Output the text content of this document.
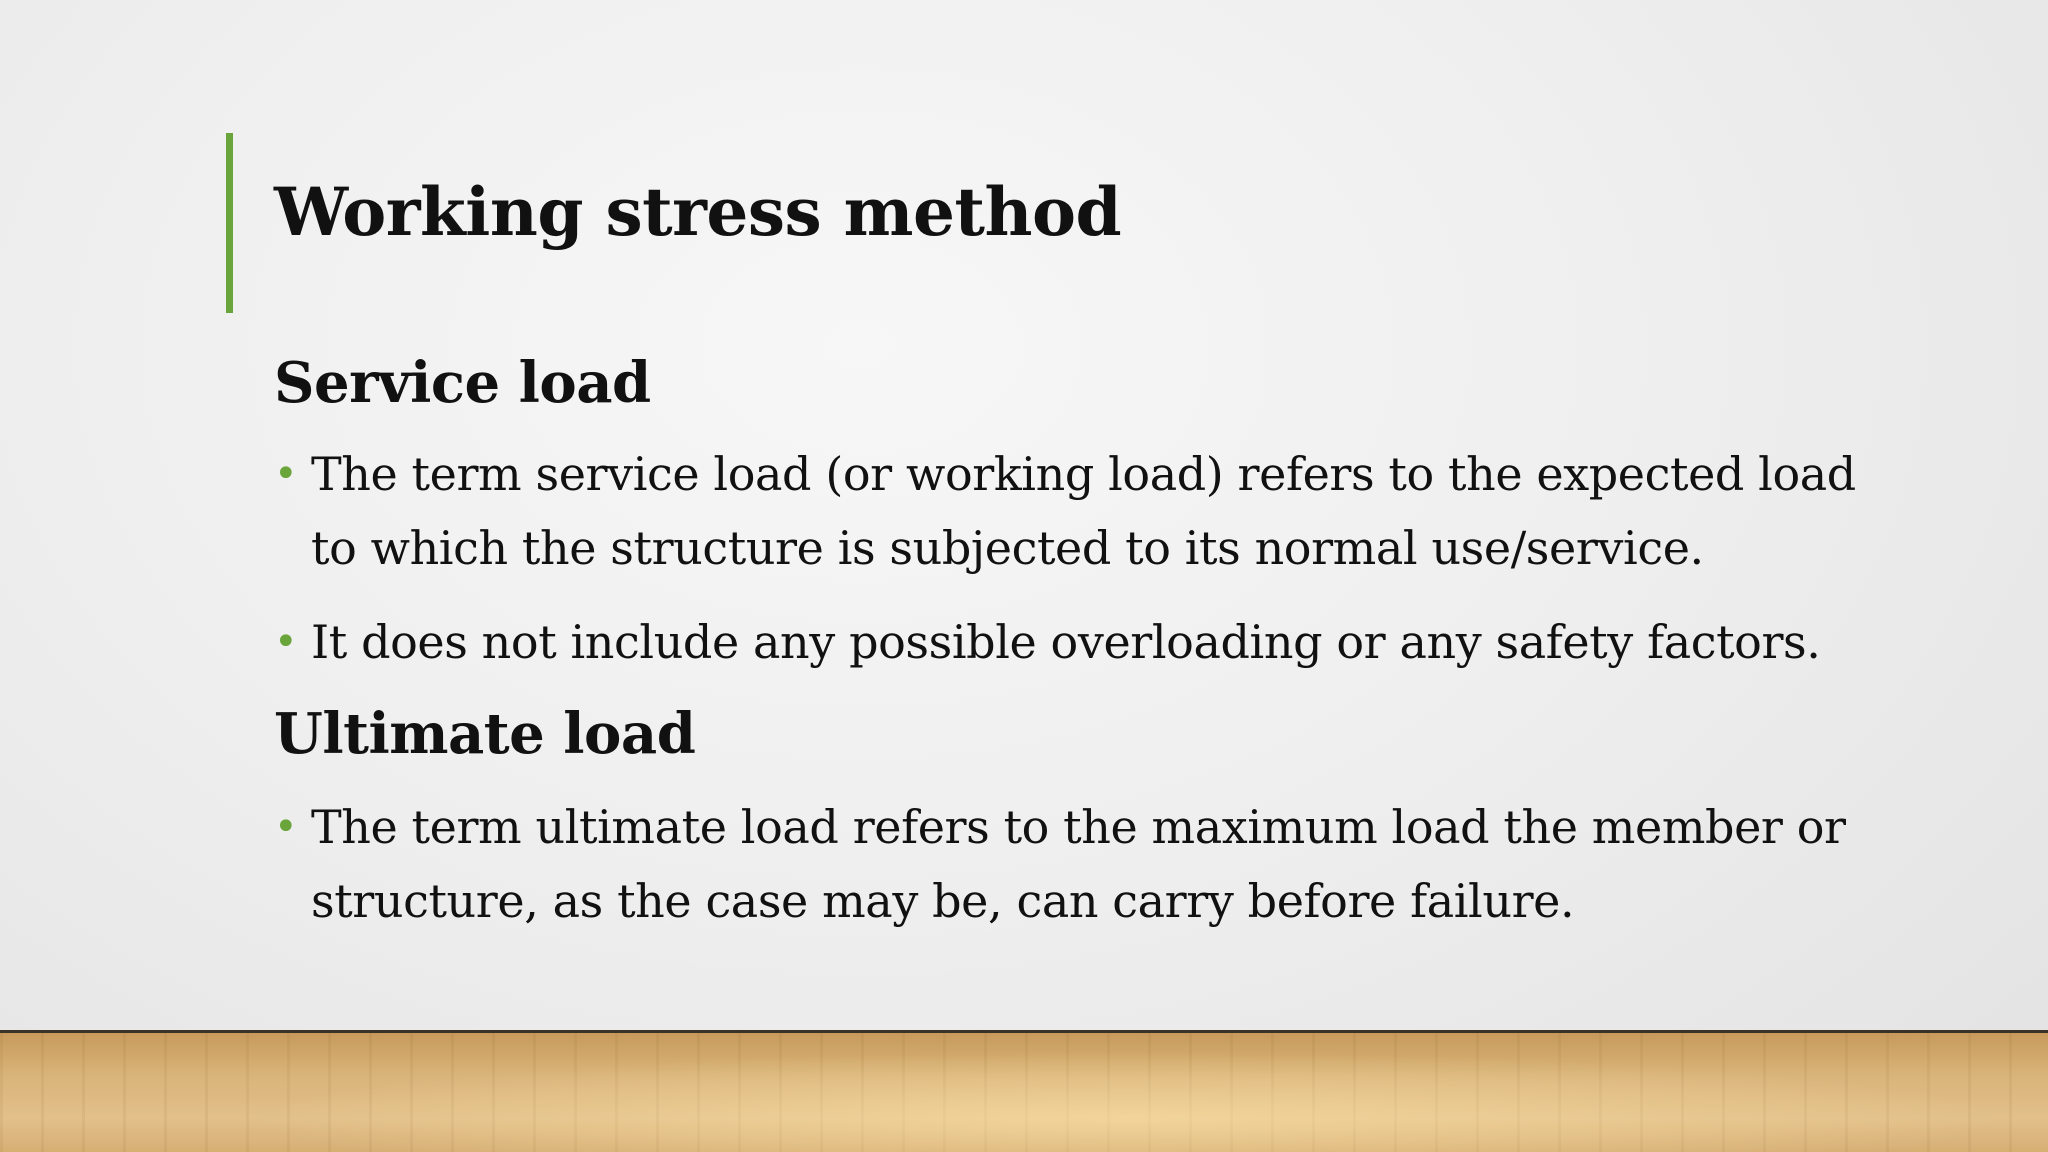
Working stress method
Service load
• The term service load (or working load) refers to the expected load to which the structure is subjected to its normal use/service.
• It does not include any possible overloading or any safety factors.
Ultimate load
• The term ultimate load refers to the maximum load the member or structure, as the case may be, can carry before failure.
